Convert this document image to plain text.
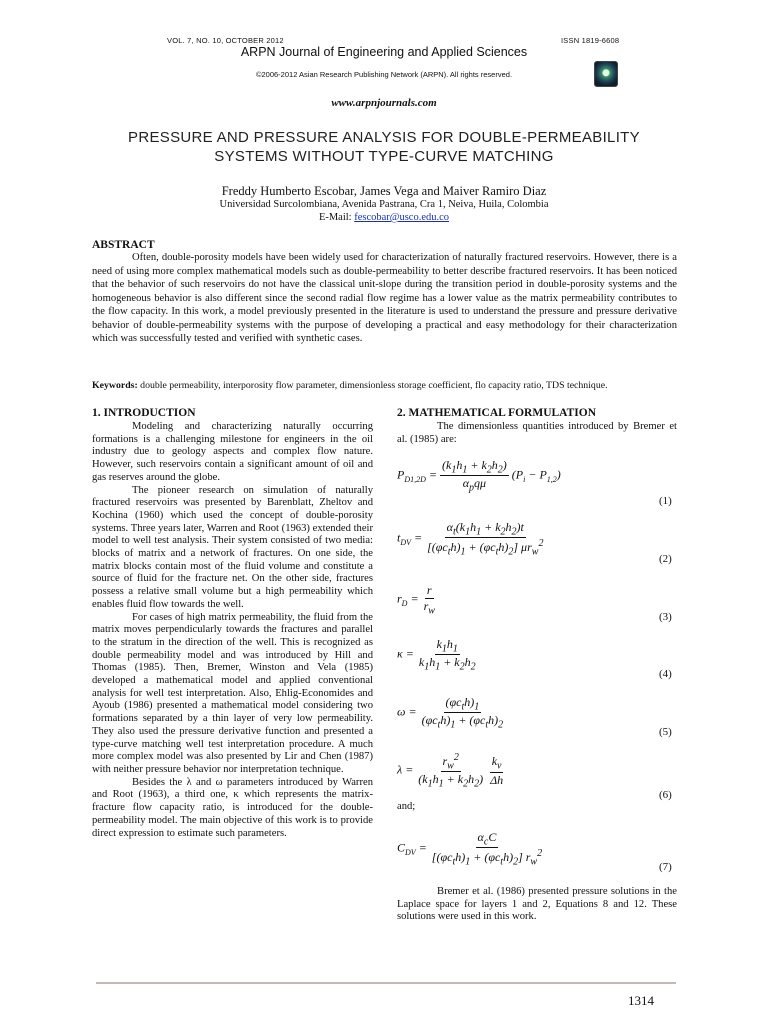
VOL. 7, NO. 10, OCTOBER 2012	ISSN 1819-6608
ARPN Journal of Engineering and Applied Sciences
©2006-2012 Asian Research Publishing Network (ARPN). All rights reserved.
www.arpnjournals.com
PRESSURE AND PRESSURE ANALYSIS FOR DOUBLE-PERMEABILITY
SYSTEMS WITHOUT TYPE-CURVE MATCHING
Freddy Humberto Escobar, James Vega and Maiver Ramiro Diaz
Universidad Surcolombiana, Avenida Pastrana, Cra 1, Neiva, Huila, Colombia
E-Mail: fescobar@usco.edu.co
ABSTRACT
Often, double-porosity models have been widely used for characterization of naturally fractured reservoirs. However, there is a need of using more complex mathematical models such as double-permeability to better describe fractured reservoirs. It has been noticed that the behavior of such reservoirs do not have the classical unit-slope during the transition period in double-porosity systems and the homogeneous behavior is also different since the second radial flow regime has a lower value as the matrix permeability contributes to the flow capacity. In this work, a model previously presented in the literature is used to understand the pressure and pressure derivative behavior of double-permeability systems with the purpose of developing a practical and easy methodology for their characterization which was successfully tested and verified with synthetic cases.
Keywords: double permeability, interporosity flow parameter, dimensionless storage coefficient, flo capacity ratio, TDS technique.
1. INTRODUCTION

Modeling and characterizing naturally occurring formations is a challenging milestone for engineers in the oil industry due to geology aspects and complex flow nature. However, such reservoirs contain a significant amount of oil and gas reserves around the globe.

The pioneer research on simulation of naturally fractured reservoirs was presented by Barenblatt, Zheltov and Kochina (1960) which used the concept of double-porosity systems. Three years later, Warren and Root (1963) extended their model to well test analysis. Their system consisted of two media: blocks of matrix and a network of fractures. On one side, the matrix blocks contain most of the fluid volume and constitute a source of fluid for the fracture net. On the other side, fractures possess a relative small volume but a high permeability which enables fluid flow towards the well.

For cases of high matrix permeability, the fluid from the matrix moves perpendicularly towards the fractures and parallel to the stratum in the direction of the well. This is recognized as double permeability model and was introduced by Hill and Thomas (1985). Then, Bremer, Winston and Vela (1985) developed a mathematical model and applied conventional analysis for well test interpretation. Also, Ehlig-Economides and Ayoub (1986) presented a mathematical model considering two formations separated by a thin layer of very low permeability. They also used the pressure derivative function and presented a type-curve matching well test interpretation procedure. A much more complex model was also presented by Lir and Chen (1987) with neither pressure behavior nor interpretation technique.

Besides the λ and ω parameters introduced by Warren and Root (1963), a third one, κ which represents the matrix-fracture flow capacity ratio, is introduced for the double-permeability model. The main objective of this work is to provide direct expression to estimate such parameters.

2. MATHEMATICAL FORMULATION

The dimensionless quantities introduced by Bremer et al. (1985) are:

$P_{D1,2D} = \frac{(k_1h_1 + k_2h_2)}{\alpha_pq\mu} (P_i - P_{1,2})$
(1)
$t_{DV} = \frac{\alpha_t(k_1h_1 + k_2h_2)t}{[(\varphi c_th)_1 + (\varphi c_th)_2] \mu r_w^2}$
(2)
$r_D = \frac{r}{r_w}$
(3)
$\kappa = \frac{k_1h_1}{k_1h_1 + k_2h_2}$
(4)
$\omega = \frac{(\varphi c_th)_1}{(\varphi c_th)_1 + (\varphi c_th)_2}$
(5)
$\lambda = \frac{r_w^2}{(k_1h_1 + k_2h_2)}$
$\frac{k_v}{\Delta h}$
(6)
and;
$C_{DV} = \frac{\alpha_cC}{[(\varphi c_th)_1 + (\varphi c_th)_2] r_w^2}$	(7)

Bremer et al. (1986) presented pressure solutions in the Laplace space for layers 1 and 2, Equations 8 and 12. These solutions were used in this work.

1314
